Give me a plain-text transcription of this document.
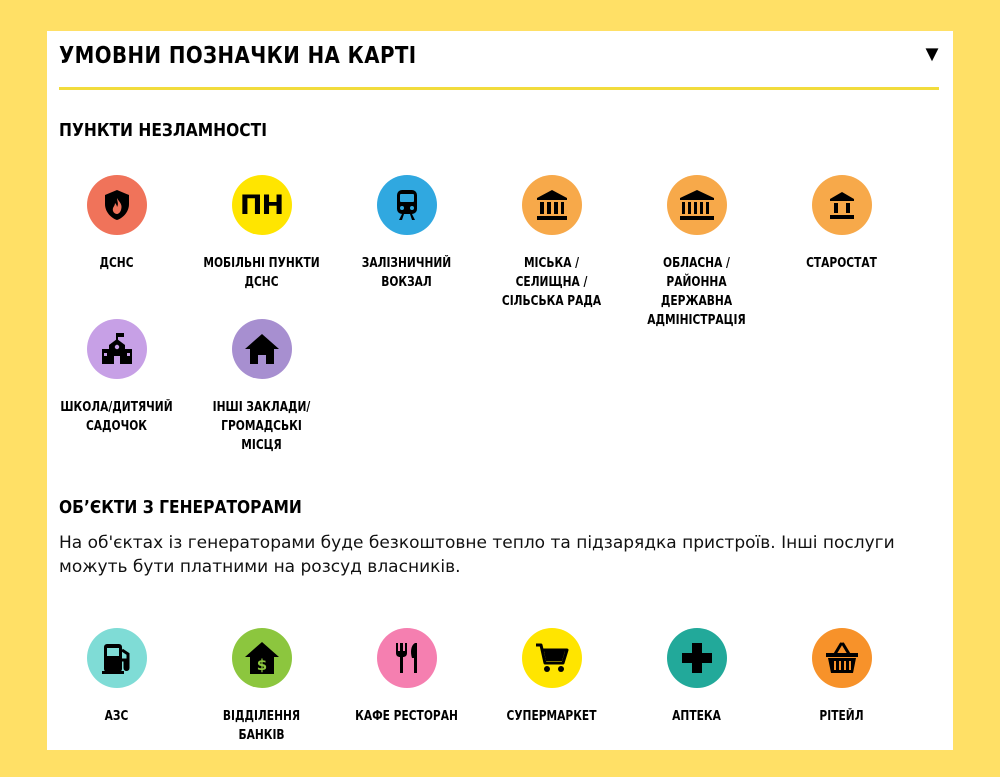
УМОВНИ ПОЗНАЧКИ НА КАРТІ	▼
ПУНКТИ НЕЗЛАМНОСТІ
ДСНС
ПН
МОБІЛЬНІ ПУНКТИ ДСНС
ЗАЛІЗНИЧНИЙ ВОКЗАЛ
МІСЬКА /СЕЛИЩНА /СІЛЬСЬКА РАДА
ОБЛАСНА /РАЙОННА ДЕРЖАВНА АДМІНІСТРАЦІЯ
СТАРОСТАТ
ШКОЛА/ДИТЯЧИЙ САДОЧОК
ІНШІ ЗАКЛАДИ/ГРОМАДСЬКІ МІСЦЯ
ОБ’ЄКТИ З ГЕНЕРАТОРАМИ
На об'єктах із генераторами буде безкоштовне тепло та підзарядка пристроїв. Інші послуги можуть бути платними на розсуд власників.
АЗС
$
ВІДДІЛЕННЯ БАНКІВ
КАФЕ РЕСТОРАН	СУПЕРМАРКЕТ	АПТЕКА	РІТЕЙЛ
